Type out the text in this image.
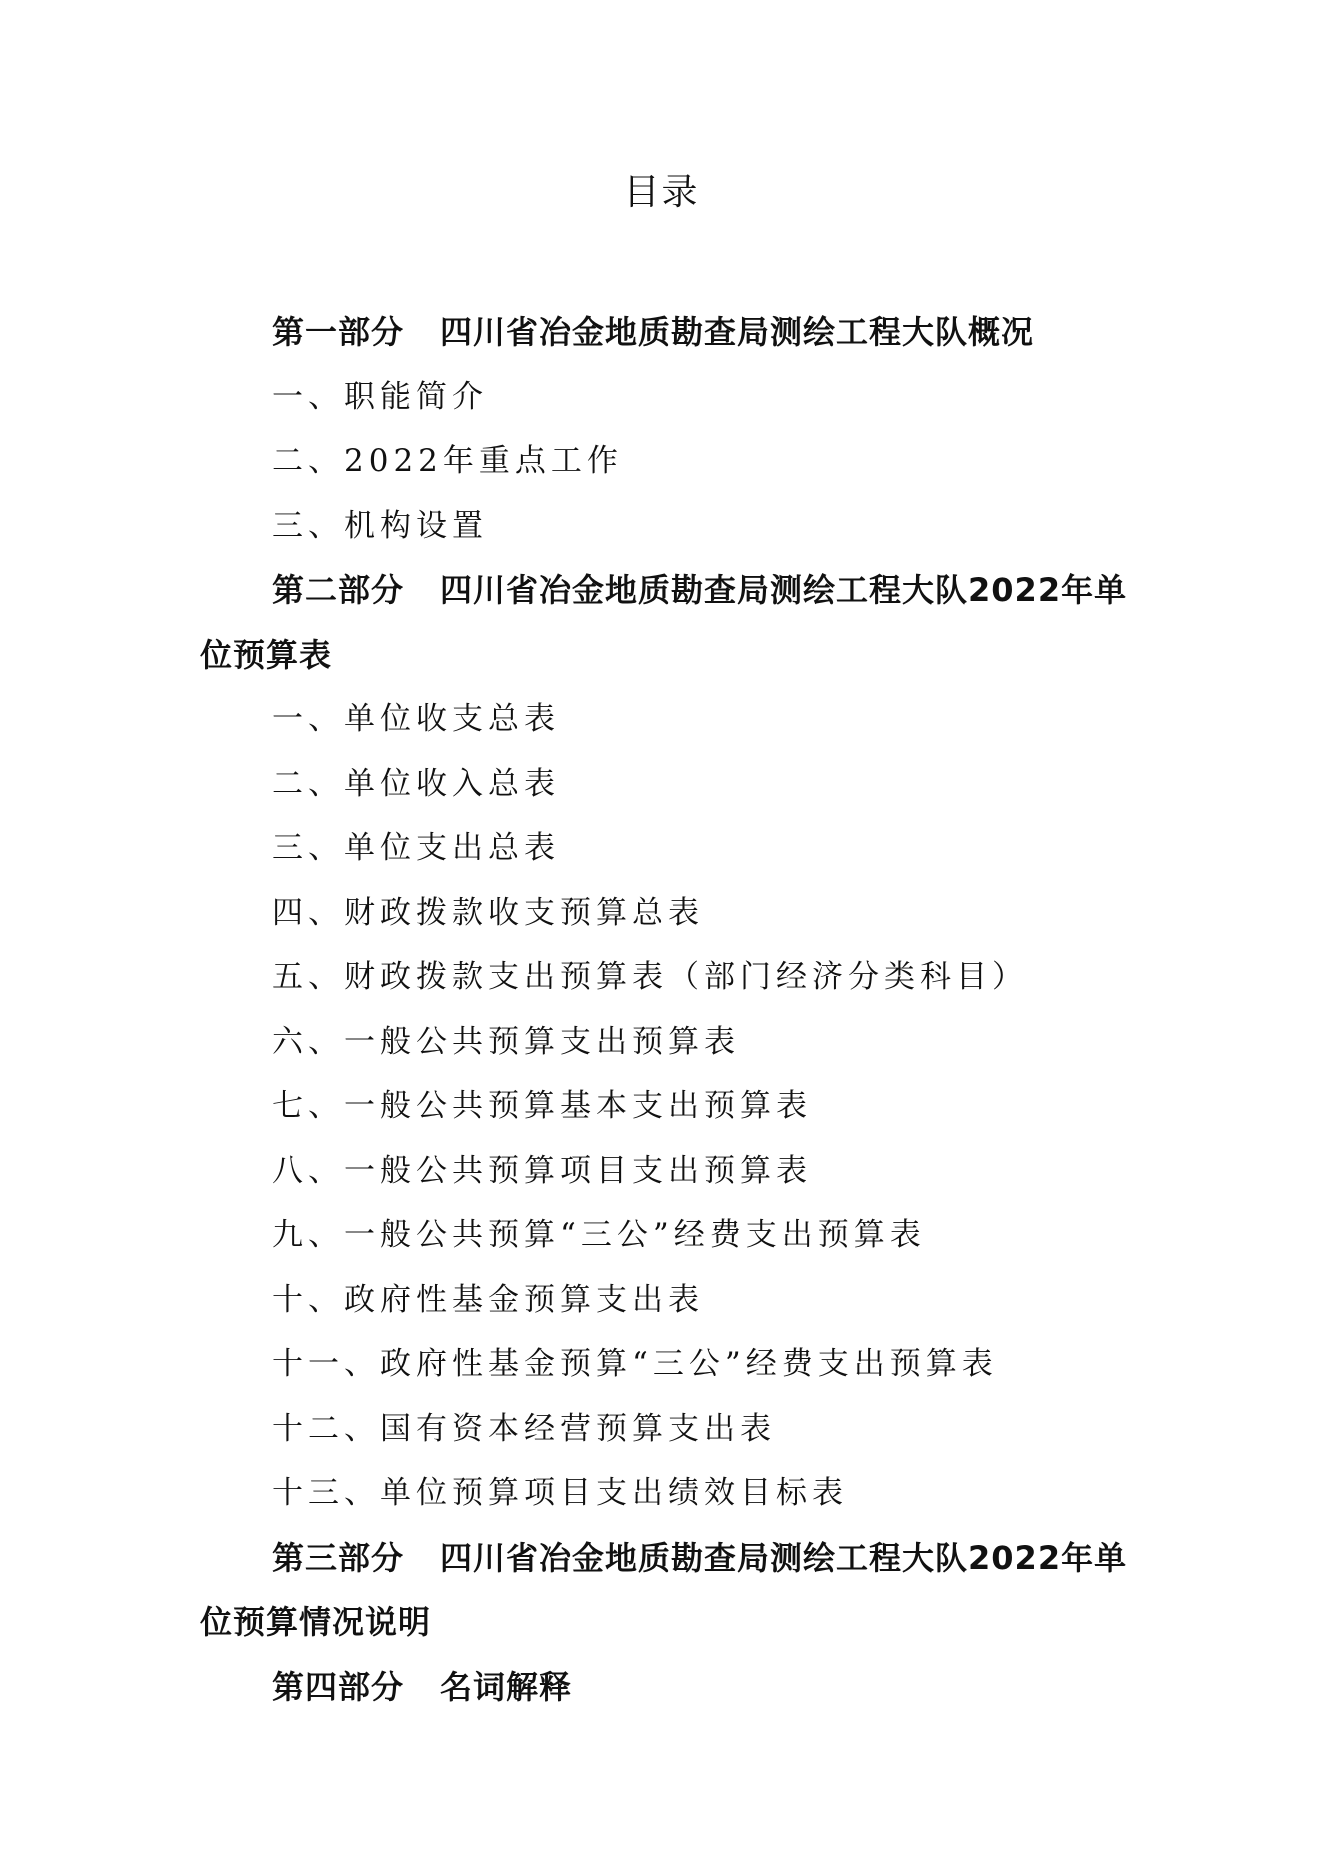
目录
第一部分 四川省冶金地质勘查局测绘工程大队概况
一、职能简介
二、2022年重点工作
三、机构设置
第二部分 四川省冶金地质勘查局测绘工程大队2022年单位预算表
一、单位收支总表
二、单位收入总表
三、单位支出总表
四、财政拨款收支预算总表
五、财政拨款支出预算表（部门经济分类科目）
六、一般公共预算支出预算表
七、一般公共预算基本支出预算表
八、一般公共预算项目支出预算表
九、一般公共预算“三公”经费支出预算表
十、政府性基金预算支出表
十一、政府性基金预算“三公”经费支出预算表
十二、国有资本经营预算支出表
十三、单位预算项目支出绩效目标表
第三部分 四川省冶金地质勘查局测绘工程大队2022年单位预算情况说明
第四部分 名词解释
